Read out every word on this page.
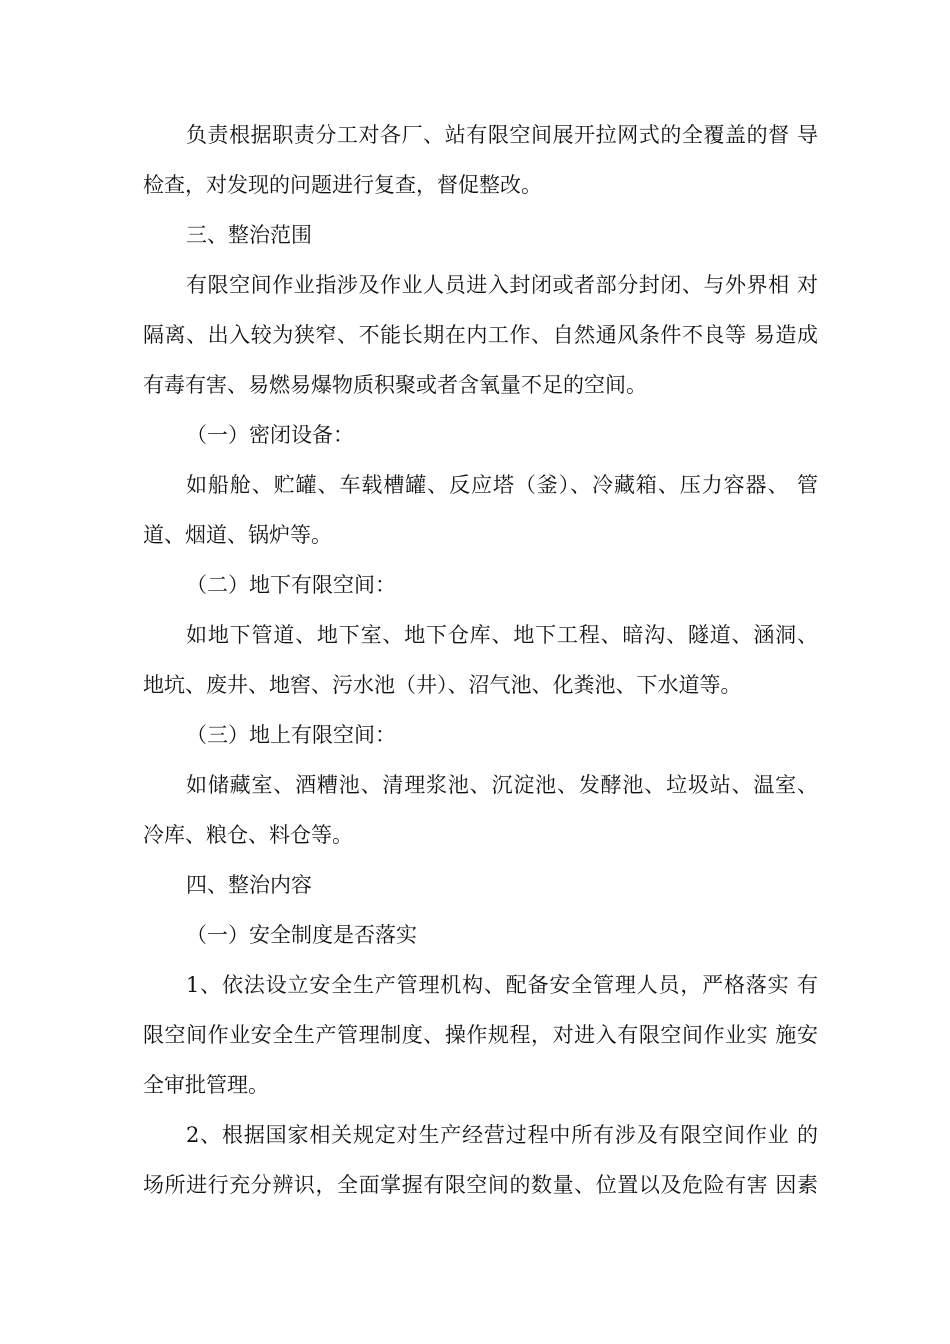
负责根据职责分工对各厂、站有限空间展开拉网式的全覆盖的督 导
检查，对发现的问题进行复查，督促整改。
三、整治范围
有限空间作业指涉及作业人员进入封闭或者部分封闭、与外界相 对
隔离、出入较为狭窄、不能长期在内工作、自然通风条件不良等 易造成
有毒有害、易燃易爆物质积聚或者含氧量不足的空间。
（一）密闭设备：
如船舱、贮罐、车载槽罐、反应塔（釜）、冷藏箱、压力容器、 管
道、烟道、锅炉等。
（二）地下有限空间：
如地下管道、地下室、地下仓库、地下工程、暗沟、隧道、涵洞、
地坑、废井、地窖、污水池（井）、沼气池、化粪池、下水道等。
（三）地上有限空间：
如储藏室、酒糟池、清理浆池、沉淀池、发酵池、垃圾站、温室、
冷库、粮仓、料仓等。
四、整治内容
（一）安全制度是否落实
1、依法设立安全生产管理机构、配备安全管理人员，严格落实 有
限空间作业安全生产管理制度、操作规程，对进入有限空间作业实 施安
全审批管理。
2、根据国家相关规定对生产经营过程中所有涉及有限空间作业 的
场所进行充分辨识，全面掌握有限空间的数量、位置以及危险有害 因素
